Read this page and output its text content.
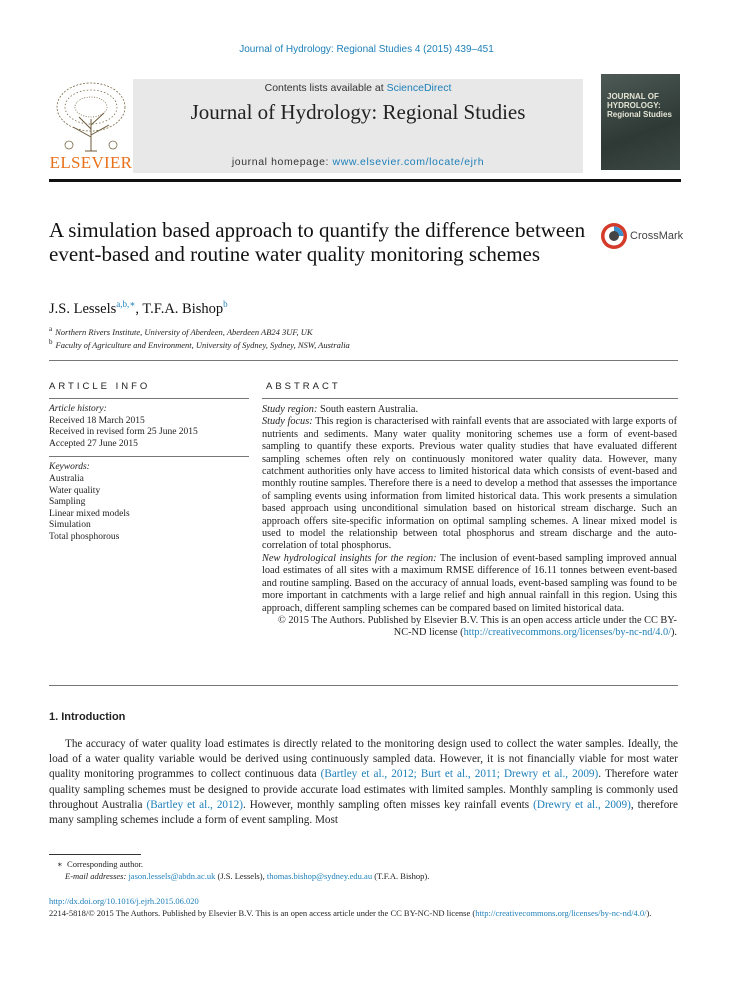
Journal of Hydrology: Regional Studies 4 (2015) 439–451
ELSEVIER
Contents lists available at ScienceDirect
Journal of Hydrology: Regional Studies
journal homepage: www.elsevier.com/locate/ejrh
JOURNAL OF HYDROLOGY: Regional Studies
A simulation based approach to quantify the difference between event-based and routine water quality monitoring schemes
CrossMark
J.S. Lessels$^{a,b,∗}$, T.F.A. Bishop$^b$
$^a$ Northern Rivers Institute, University of Aberdeen, Aberdeen AB24 3UF, UK
$^b$ Faculty of Agriculture and Environment, University of Sydney, Sydney, NSW, Australia
ARTICLE INFO	ABSTRACT
Article history:
Received 18 March 2015
Received in revised form 25 June 2015
Accepted 27 June 2015
Keywords:
Australia
Water quality
Sampling
Linear mixed models
Simulation
Total phosphorous
Study region: South eastern Australia.
Study focus: This region is characterised with rainfall events that are associated with large exports of nutrients and sediments. Many water quality monitoring schemes use a form of event-based sampling to quantify these exports. Previous water quality studies that have evaluated different sampling schemes often rely on continuously monitored water quality data. However, many catchment authorities only have access to limited historical data which consists of event-based and monthly routine samples. Therefore there is a need to develop a method that assesses the importance of sampling events using information from limited historical data. This work presents a simulation based approach using unconditional simulation based on historical stream discharge. Such an approach offers site-specific information on optimal sampling schemes. A linear mixed model is used to model the relationship between total phosphorus and stream discharge and the auto-correlation of total phosphorus.
New hydrological insights for the region: The inclusion of event-based sampling improved annual load estimates of all sites with a maximum RMSE difference of 16.11 tonnes between event-based and routine sampling. Based on the accuracy of annual loads, event-based sampling was found to be more important in catchments with a large relief and high annual rainfall in this region. Using this approach, different sampling schemes can be compared based on limited historical data.
© 2015 The Authors. Published by Elsevier B.V. This is an open access article under the CC BY-NC-ND license (http://creativecommons.org/licenses/by-nc-nd/4.0/).
1. Introduction
The accuracy of water quality load estimates is directly related to the monitoring design used to collect the water samples. Ideally, the load of a water quality variable would be derived using continuously sampled data. However, it is not financially viable for most water quality monitoring programmes to collect continuous data (Bartley et al., 2012; Burt et al., 2011; Drewry et al., 2009). Therefore water quality sampling schemes must be designed to provide accurate load estimates with limited samples. Monthly sampling is commonly used throughout Australia (Bartley et al., 2012). However, monthly sampling often misses key rainfall events (Drewry et al., 2009), therefore many sampling schemes include a form of event sampling. Most
∗ Corresponding author.
E-mail addresses: jason.lessels@abdn.ac.uk (J.S. Lessels), thomas.bishop@sydney.edu.au (T.F.A. Bishop).
http://dx.doi.org/10.1016/j.ejrh.2015.06.020
2214-5818/© 2015 The Authors. Published by Elsevier B.V. This is an open access article under the CC BY-NC-ND license (http://creativecommons.org/licenses/by-nc-nd/4.0/).
